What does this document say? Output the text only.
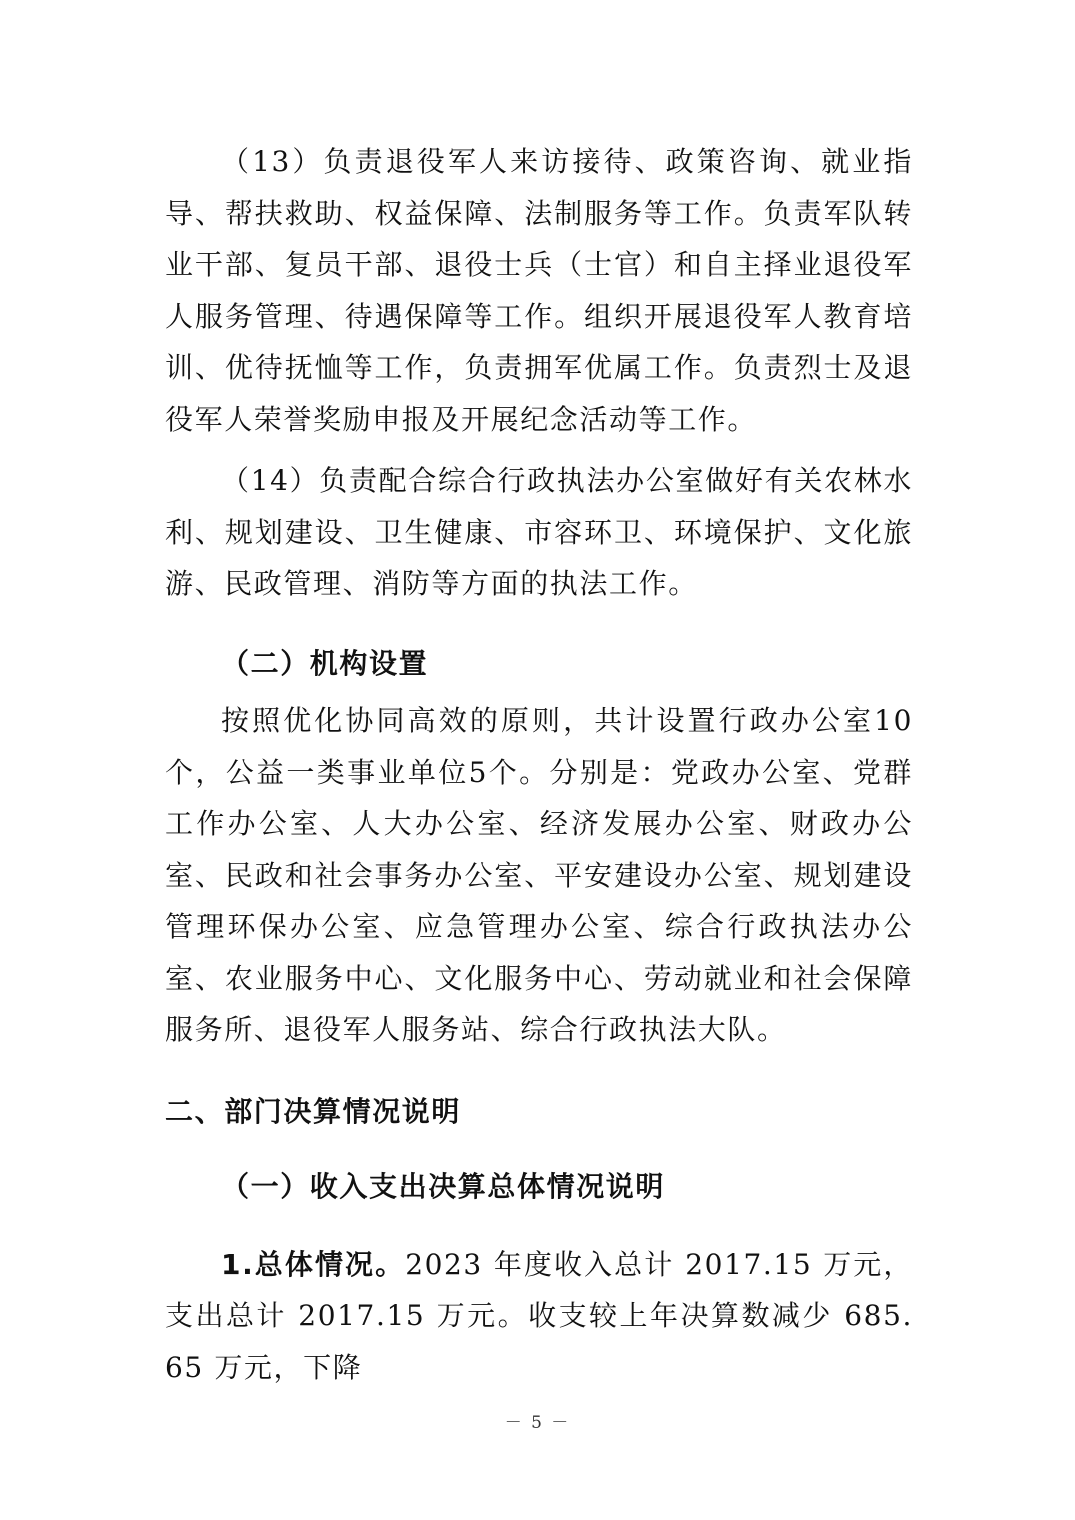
（13）负责退役军人来访接待、政策咨询、就业指导、帮扶救助、权益保障、法制服务等工作。负责军队转业干部、复员干部、退役士兵（士官）和自主择业退役军人服务管理、待遇保障等工作。组织开展退役军人教育培训、优待抚恤等工作，负责拥军优属工作。负责烈士及退役军人荣誉奖励申报及开展纪念活动等工作。

（14）负责配合综合行政执法办公室做好有关农林水利、规划建设、卫生健康、市容环卫、环境保护、文化旅游、民政管理、消防等方面的执法工作。

（二）机构设置

按照优化协同高效的原则，共计设置行政办公室10个，公益一类事业单位5个。分别是：党政办公室、党群工作办公室、人大办公室、经济发展办公室、财政办公室、民政和社会事务办公室、平安建设办公室、规划建设管理环保办公室、应急管理办公室、综合行政执法办公室、农业服务中心、文化服务中心、劳动就业和社会保障服务所、退役军人服务站、综合行政执法大队。

二、部门决算情况说明

（一）收入支出决算总体情况说明

1.总体情况。2023 年度收入总计 2017.15 万元，支出总计 2017.15 万元。收支较上年决算数减少 685.65 万元，下降

－ 5 －
